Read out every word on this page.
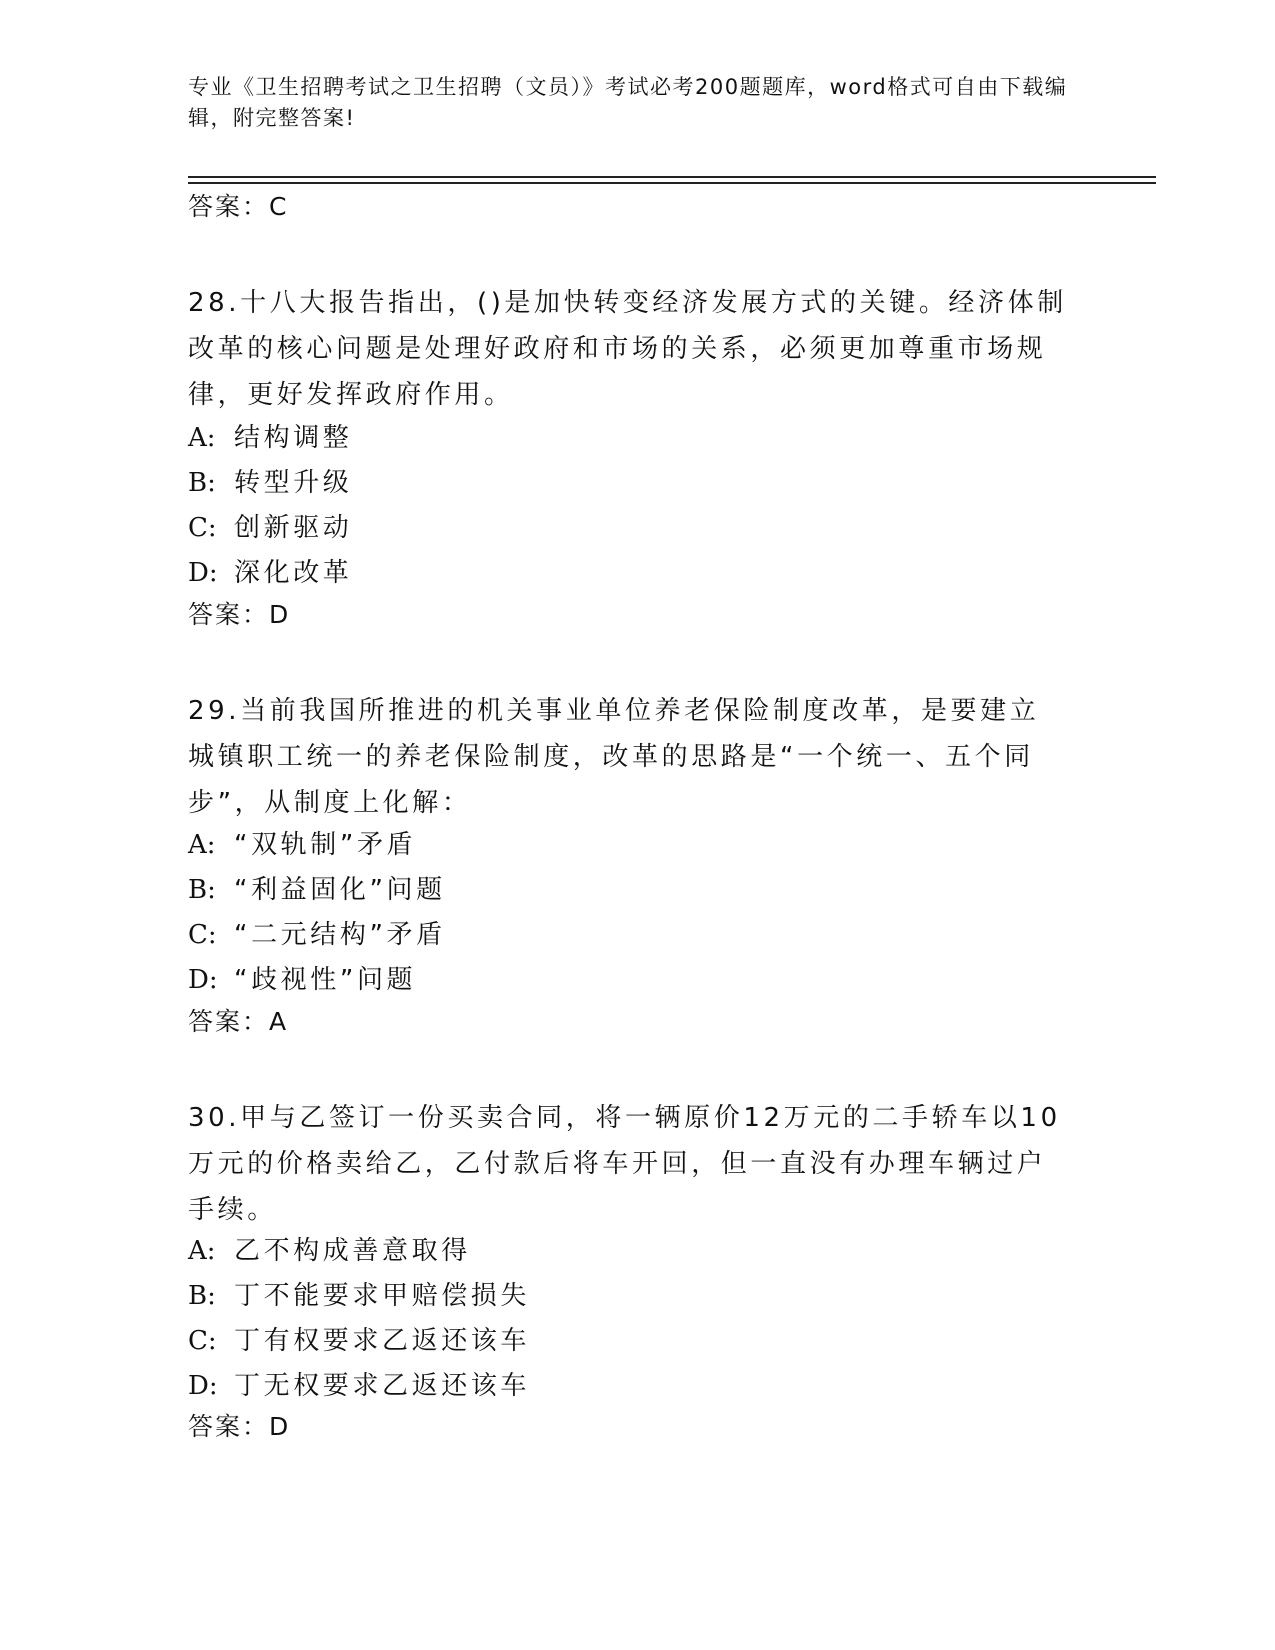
专业《卫生招聘考试之卫生招聘（文员）》考试必考200题题库，word格式可自由下载编辑，附完整答案!
答案：C
28.十八大报告指出，()是加快转变经济发展方式的关键。经济体制改革的核心问题是处理好政府和市场的关系，必须更加尊重市场规律，更好发挥政府作用。
A: 结构调整
B: 转型升级
C: 创新驱动
D: 深化改革
答案：D
29.当前我国所推进的机关事业单位养老保险制度改革，是要建立城镇职工统一的养老保险制度，改革的思路是“一个统一、五个同步”，从制度上化解：
A: “双轨制”矛盾
B: “利益固化”问题
C: “二元结构”矛盾
D: “歧视性”问题
答案：A
30.甲与乙签订一份买卖合同，将一辆原价12万元的二手轿车以10万元的价格卖给乙，乙付款后将车开回，但一直没有办理车辆过户手续。
A: 乙不构成善意取得
B: 丁不能要求甲赔偿损失
C: 丁有权要求乙返还该车
D: 丁无权要求乙返还该车
答案：D
